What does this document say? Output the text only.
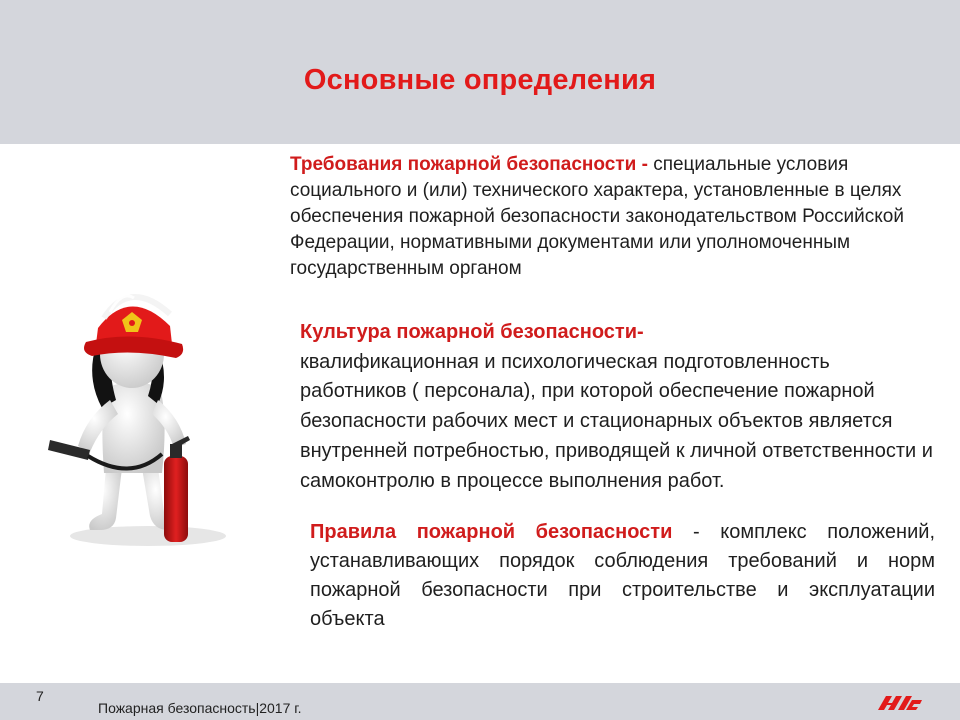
Основные определения
Требования пожарной безопасности - специальные условия социального и (или) технического характера, установленные в целях обеспечения пожарной безопасности законодательством Российской Федерации, нормативными документами или уполномоченным государственным органом
Культура пожарной безопасности-
квалификационная и психологическая подготовленность работников ( персонала), при которой обеспечение пожарной безопасности рабочих мест и стационарных объектов является внутренней потребностью, приводящей к личной ответственности и самоконтролю в процессе выполнения работ.
Правила пожарной безопасности - комплекс положений, устанавливающих порядок соблюдения требований и норм пожарной безопасности при строительстве и эксплуатации объекта
7
Пожарная безопасность|2017 г.
